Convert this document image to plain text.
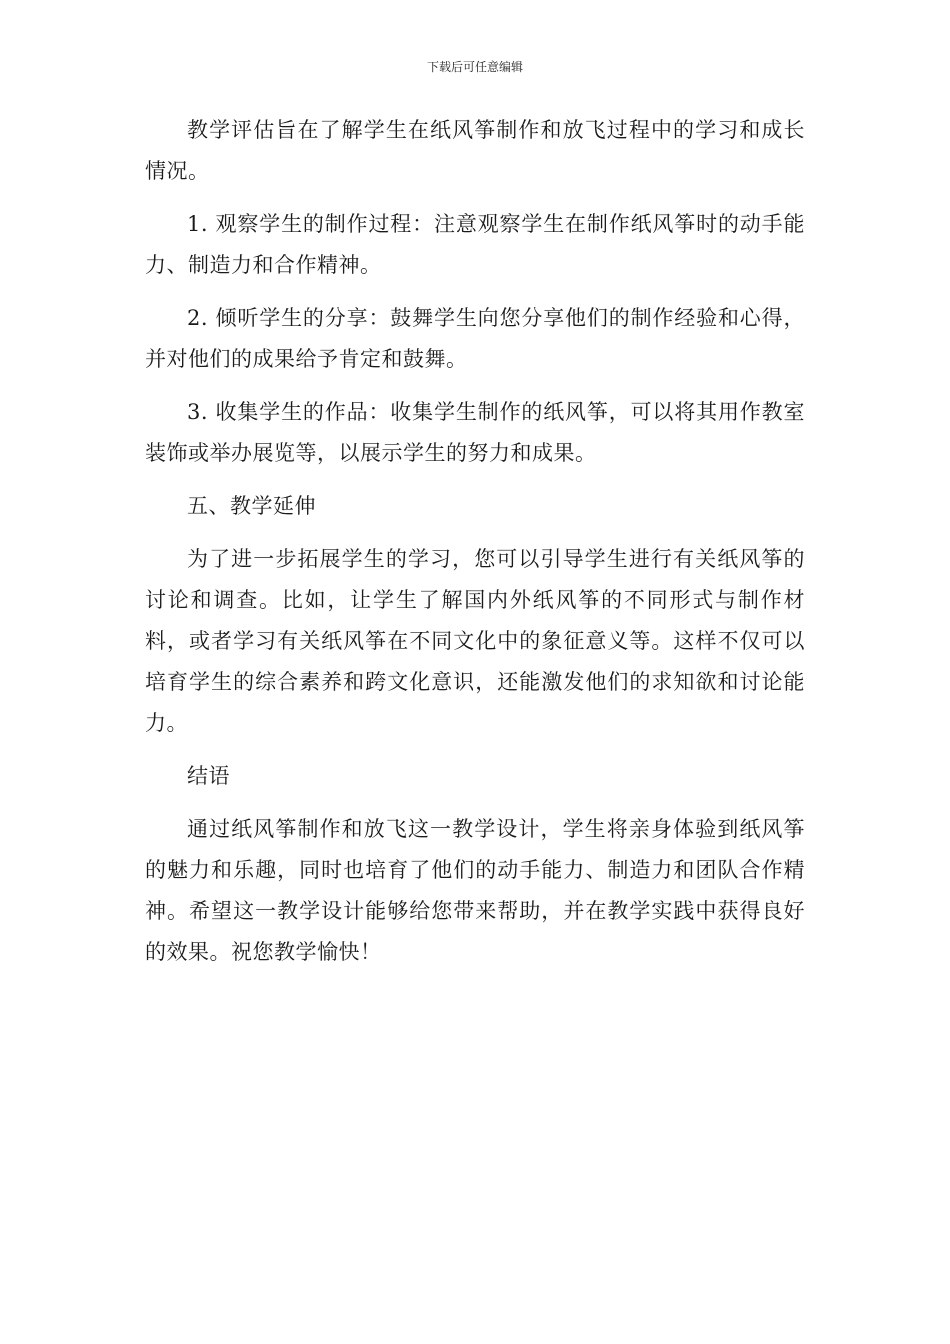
下载后可任意编辑

教学评估旨在了解学生在纸风筝制作和放飞过程中的学习和成长情况。

1. 观察学生的制作过程：注意观察学生在制作纸风筝时的动手能力、制造力和合作精神。

2. 倾听学生的分享：鼓舞学生向您分享他们的制作经验和心得，并对他们的成果给予肯定和鼓舞。

3. 收集学生的作品：收集学生制作的纸风筝，可以将其用作教室装饰或举办展览等，以展示学生的努力和成果。

五、教学延伸

为了进一步拓展学生的学习，您可以引导学生进行有关纸风筝的讨论和调查。比如，让学生了解国内外纸风筝的不同形式与制作材料，或者学习有关纸风筝在不同文化中的象征意义等。这样不仅可以培育学生的综合素养和跨文化意识，还能激发他们的求知欲和讨论能力。

结语

通过纸风筝制作和放飞这一教学设计，学生将亲身体验到纸风筝的魅力和乐趣，同时也培育了他们的动手能力、制造力和团队合作精神。希望这一教学设计能够给您带来帮助，并在教学实践中获得良好的效果。祝您教学愉快！
